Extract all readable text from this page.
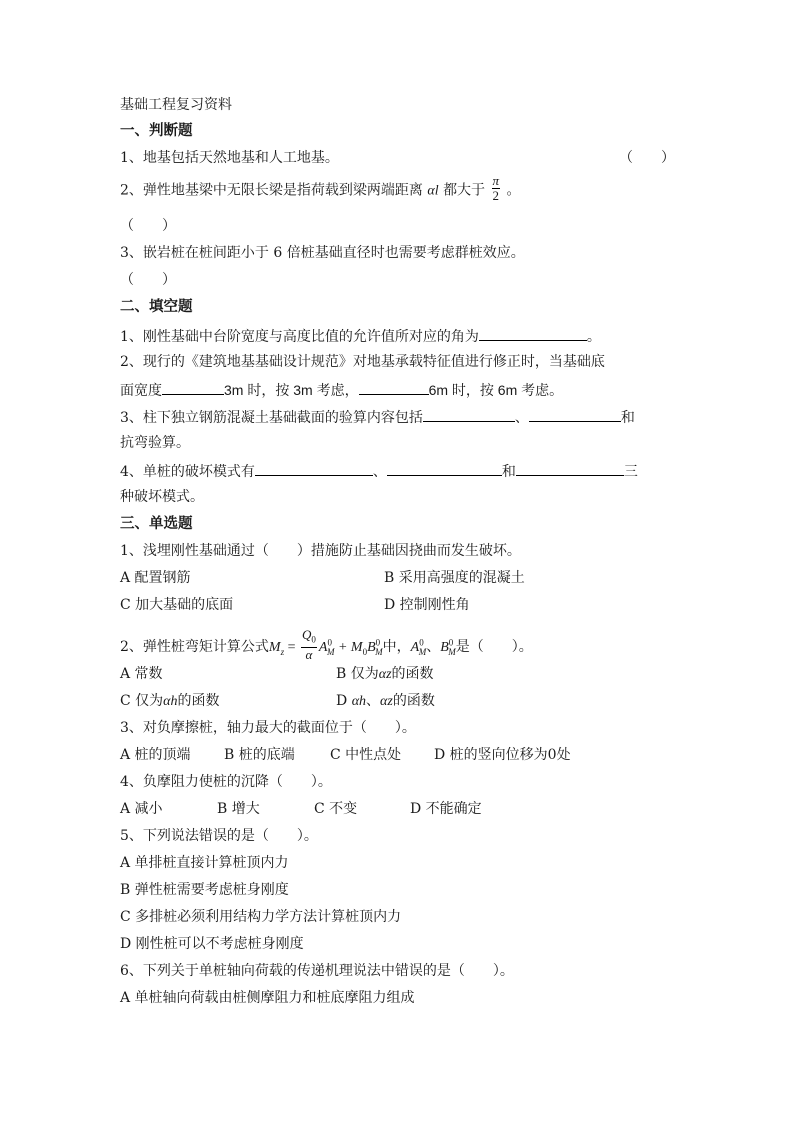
基础工程复习资料
一、判断题
1、地基包括天然地基和人工地基。	（　　）
2、弹性地基梁中无限长梁是指荷载到梁两端距离 αl 都大于 $\frac{\pi}{2}$ 。
（　　）
3、嵌岩桩在桩间距小于 6 倍桩基础直径时也需要考虑群桩效应。
（　　）
二、填空题
1、刚性基础中台阶宽度与高度比值的允许值所对应的角为	。
2、现行的《建筑地基基础设计规范》对地基承载特征值进行修正时，当基础底
面宽度	3m 时，按 3m 考虑，	6m 时，按 6m 考虑。
3、柱下独立钢筋混凝土基础截面的验算内容包括	、	和
抗弯验算。
4、单桩的破坏模式有	、	和	三
种破坏模式。
三、单选题
1、浅埋刚性基础通过（　　）措施防止基础因挠曲而发生破坏。
A 配置钢筋	B 采用高强度的混凝土
C 加大基础的底面	D 控制刚性角
2、弹性桩弯矩计算公式$M_z = \frac{Q_0}{\alpha} A^0_M + M_0B^0_M$中，$A^0_M$、$B^0_M$是（　　）。
A 常数	B 仅为αz的函数
C 仅为αh的函数	D αh、αz的函数
3、对负摩擦桩，轴力最大的截面位于（　　）。
A 桩的顶端 B 桩的底端	C 中性点处 D 桩的竖向位移为0处
4、负摩阻力使桩的沉降（　　）。
A 减小	B 增大	C 不变	D 不能确定
5、下列说法错误的是（　　）。
A 单排桩直接计算桩顶内力
B 弹性桩需要考虑桩身刚度
C 多排桩必须利用结构力学方法计算桩顶内力
D 刚性桩可以不考虑桩身刚度
6、下列关于单桩轴向荷载的传递机理说法中错误的是（　　）。
A 单桩轴向荷载由桩侧摩阻力和桩底摩阻力组成
